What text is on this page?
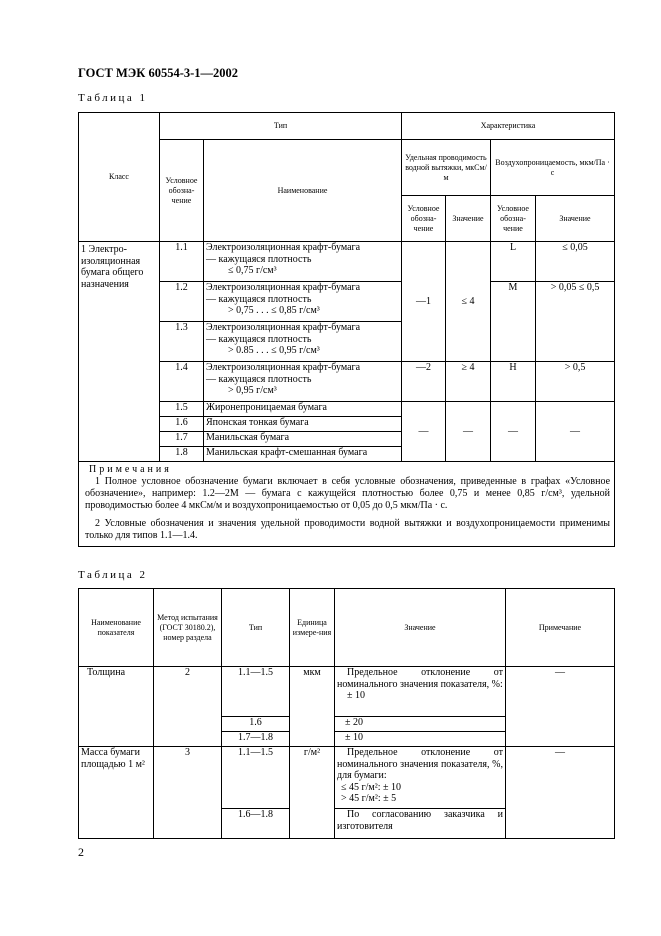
ГОСТ МЭК 60554-3-1—2002
Таблица 1
Класс	Тип		Характеристика			
	Условное обозна-чение	Наименование	Удельная проводимость водной вытяжки, мкСм/м		Воздухопроницаемость, мкм/Па · с	
			Условное обозна-чение	Значение	Условное обозна-чение	Значение
1 Электро-изоляционная бумага общего назначения	1.1	Электроизоляционная крафт-бумага
— кажущаяся плотность
≤ 0,75 г/см³	—1	≤ 4	L	≤ 0,05
	1.2	Электроизоляционная крафт-бумага
— кажущаяся плотность
> 0,75 . . . ≤ 0,85 г/см³			M	> 0,05 ≤ 0,5
	1.3	Электроизоляционная крафт-бумага
— кажущаяся плотность
> 0.85 . . . ≤ 0,95 г/см³				

	1.4	Электроизоляционная крафт-бумага
— кажущаяся плотность
> 0,95 г/см³	—2	≥ 4	H	> 0,5
	1.5	Жиронепроницаемая бумага	—	—	—	—
	1.6	Японская тонкая бумага				
	1.7	Манильская бумага				
	1.8	Манильская крафт-смешанная бумага				

Примечания
1 Полное условное обозначение бумаги включает в себя условные обозначения, приведенные в графах «Условное обозначение», например: 1.2—2М — бумага с кажущейся плотностью более 0,75 и менее 0,85 г/см³, удельной проводимостью более 4 мкСм/м и воздухопроницаемостью от 0,05 до 0,5 мкм/Па · с.
2 Условные обозначения и значения удельной проводимости водной вытяжки и воздухопроницаемости применимы только для типов 1.1—1.4.						
Таблица 2
Наименование показателя	Метод испытания (ГОСТ 30180.2), номер раздела	Тип	Единица измере-ния	Значение	Примечание
Толщина	2	1.1—1.5	мкм	Предельное отклонение от номинального значения показателя, %:
± 10	—
		1.6		± 20	
		1.7—1.8		± 10	
Масса бумаги площадью 1 м²	3	1.1—1.5	г/м²	Предельное отклонение от номинального значения показателя, %, для бумаги:
≤ 45 г/м²: ± 10
> 45 г/м²: ± 5	—
		1.6—1.8		По согласованию заказчика и изготовителя	
2
